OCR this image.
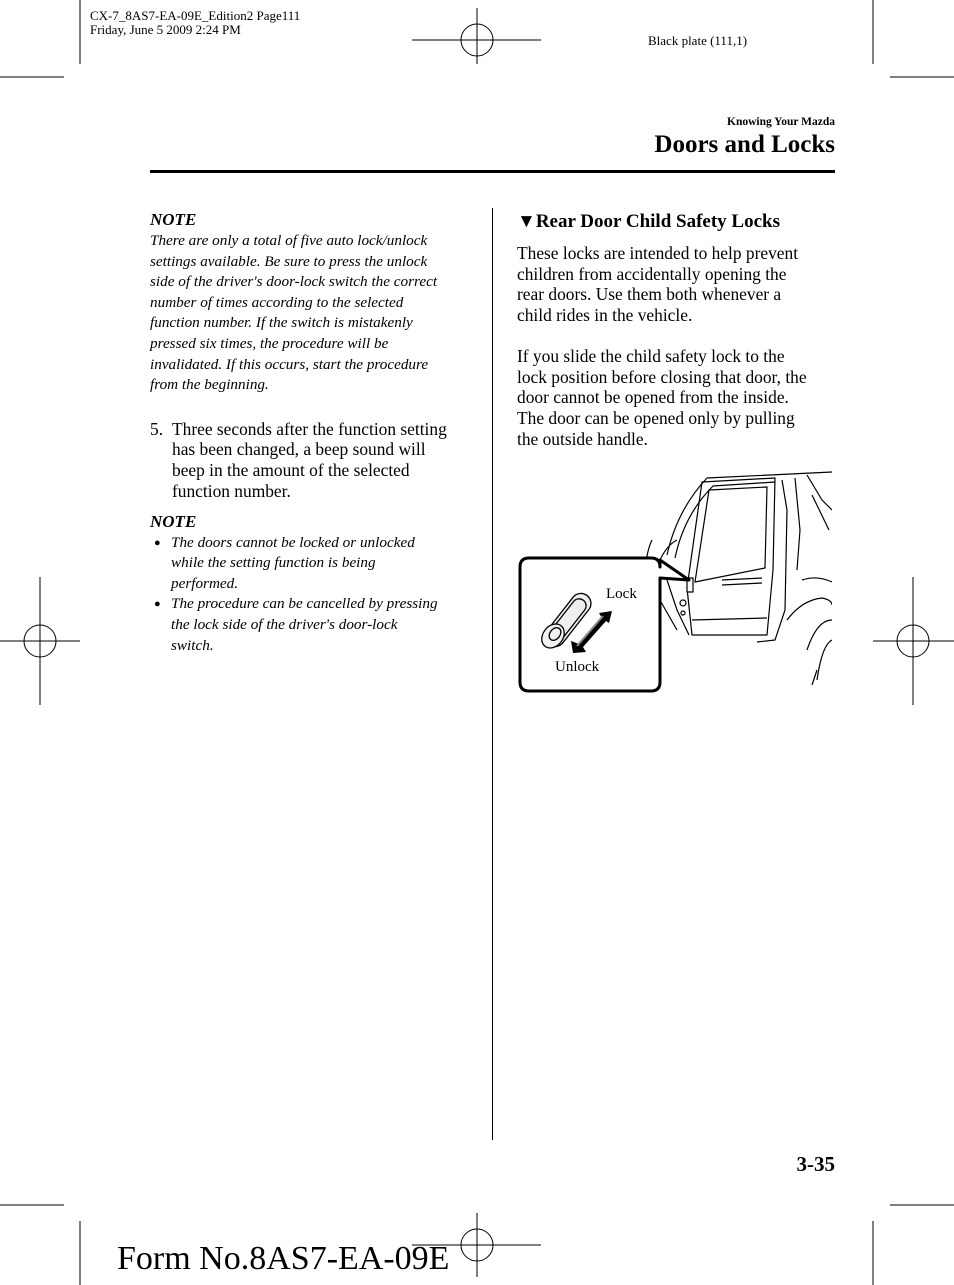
CX-7_8AS7-EA-09E_Edition2 Page111
Friday, June 5 2009 2:24 PM
Black plate (111,1)
Knowing Your Mazda
Doors and Locks
NOTE
There are only a total of five auto lock/unlock
settings available. Be sure to press the unlock
side of the driver's door-lock switch the correct
number of times according to the selected
function number. If the switch is mistakenly
pressed six times, the procedure will be
invalidated. If this occurs, start the procedure
from the beginning.
5. Three seconds after the function setting
has been changed, a beep sound will
beep in the amount of the selected
function number.
NOTE
● The doors cannot be locked or unlocked
while the setting function is being
performed.
● The procedure can be cancelled by pressing
the lock side of the driver's door-lock
switch.
▼Rear Door Child Safety Locks
These locks are intended to help prevent
children from accidentally opening the
rear doors. Use them both whenever a
child rides in the vehicle.
If you slide the child safety lock to the
lock position before closing that door, the
door cannot be opened from the inside.
The door can be opened only by pulling
the outside handle.
Lock
Unlock
3-35
Form No.8AS7-EA-09E
